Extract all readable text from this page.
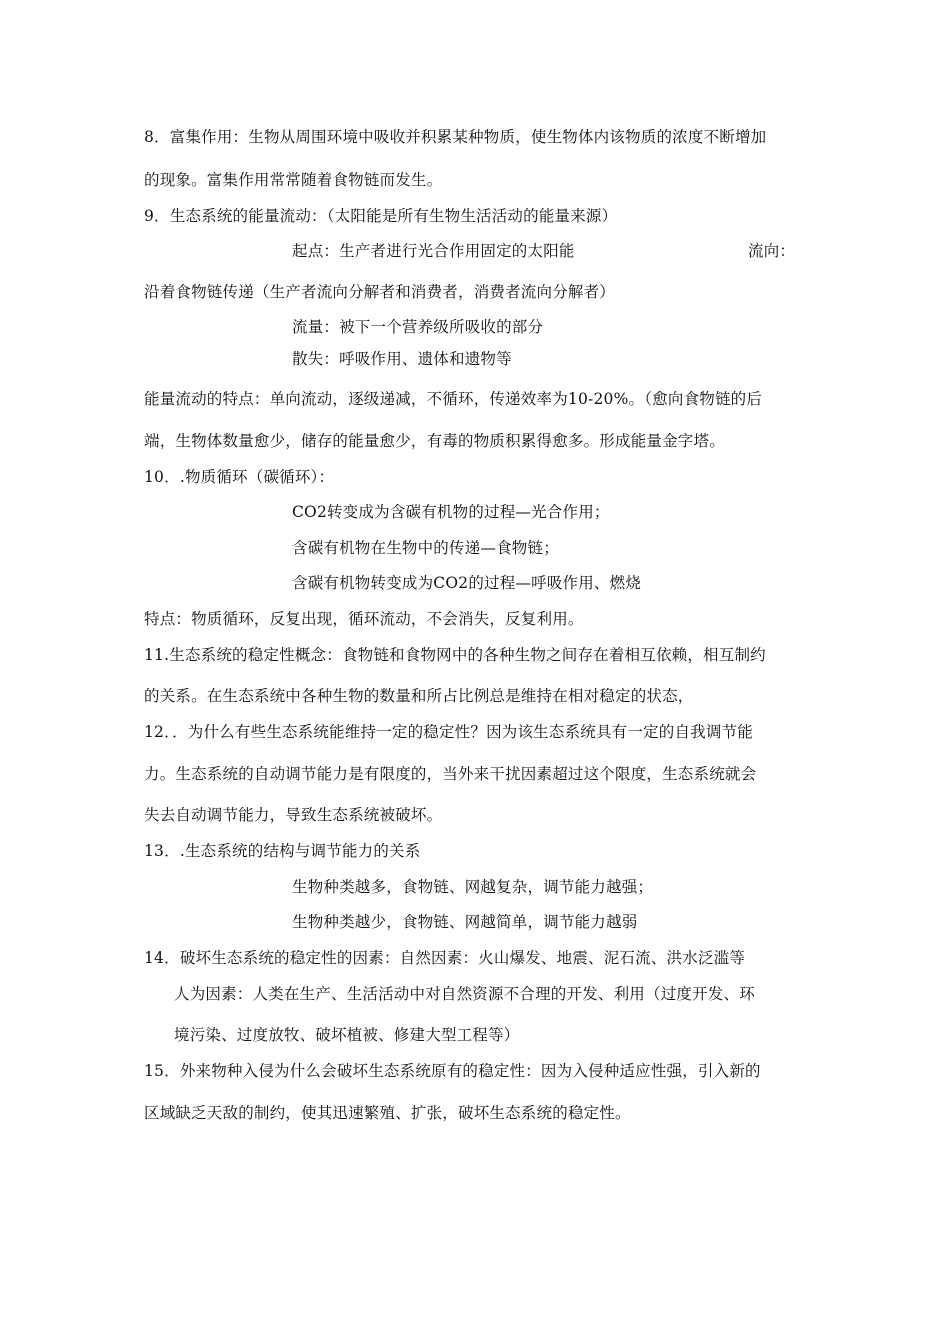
8．富集作用：生物从周围环境中吸收并积累某种物质，使生物体内该物质的浓度不断增加
的现象。富集作用常常随着食物链而发生。
9．生态系统的能量流动：（太阳能是所有生物生活活动的能量来源）
起点：生产者进行光合作用固定的太阳能	流向：
沿着食物链传递（生产者流向分解者和消费者，消费者流向分解者）
流量：被下一个营养级所吸收的部分
散失：呼吸作用、遗体和遗物等
能量流动的特点：单向流动，逐级递减，不循环，传递效率为10-20%。（愈向食物链的后
端，生物体数量愈少，储存的能量愈少，有毒的物质积累得愈多。形成能量金字塔。
10．.物质循环（碳循环）：
CO2转变成为含碳有机物的过程—光合作用；
含碳有机物在生物中的传递—食物链；
含碳有机物转变成为CO2的过程—呼吸作用、燃烧
特点：物质循环，反复出现，循环流动，不会消失，反复利用。
11.生态系统的稳定性概念：食物链和食物网中的各种生物之间存在着相互依赖，相互制约
的关系。在生态系统中各种生物的数量和所占比例总是维持在相对稳定的状态，
12．．为什么有些生态系统能维持一定的稳定性？因为该生态系统具有一定的自我调节能
力。生态系统的自动调节能力是有限度的，当外来干扰因素超过这个限度，生态系统就会
失去自动调节能力，导致生态系统被破坏。
13．.生态系统的结构与调节能力的关系
生物种类越多，食物链、网越复杂，调节能力越强；
生物种类越少，食物链、网越简单，调节能力越弱
14．破坏生态系统的稳定性的因素：自然因素：火山爆发、地震、泥石流、洪水泛滥等
人为因素：人类在生产、生活活动中对自然资源不合理的开发、利用（过度开发、环
境污染、过度放牧、破坏植被、修建大型工程等）
15．外来物种入侵为什么会破坏生态系统原有的稳定性：因为入侵种适应性强，引入新的
区域缺乏天敌的制约，使其迅速繁殖、扩张，破坏生态系统的稳定性。
